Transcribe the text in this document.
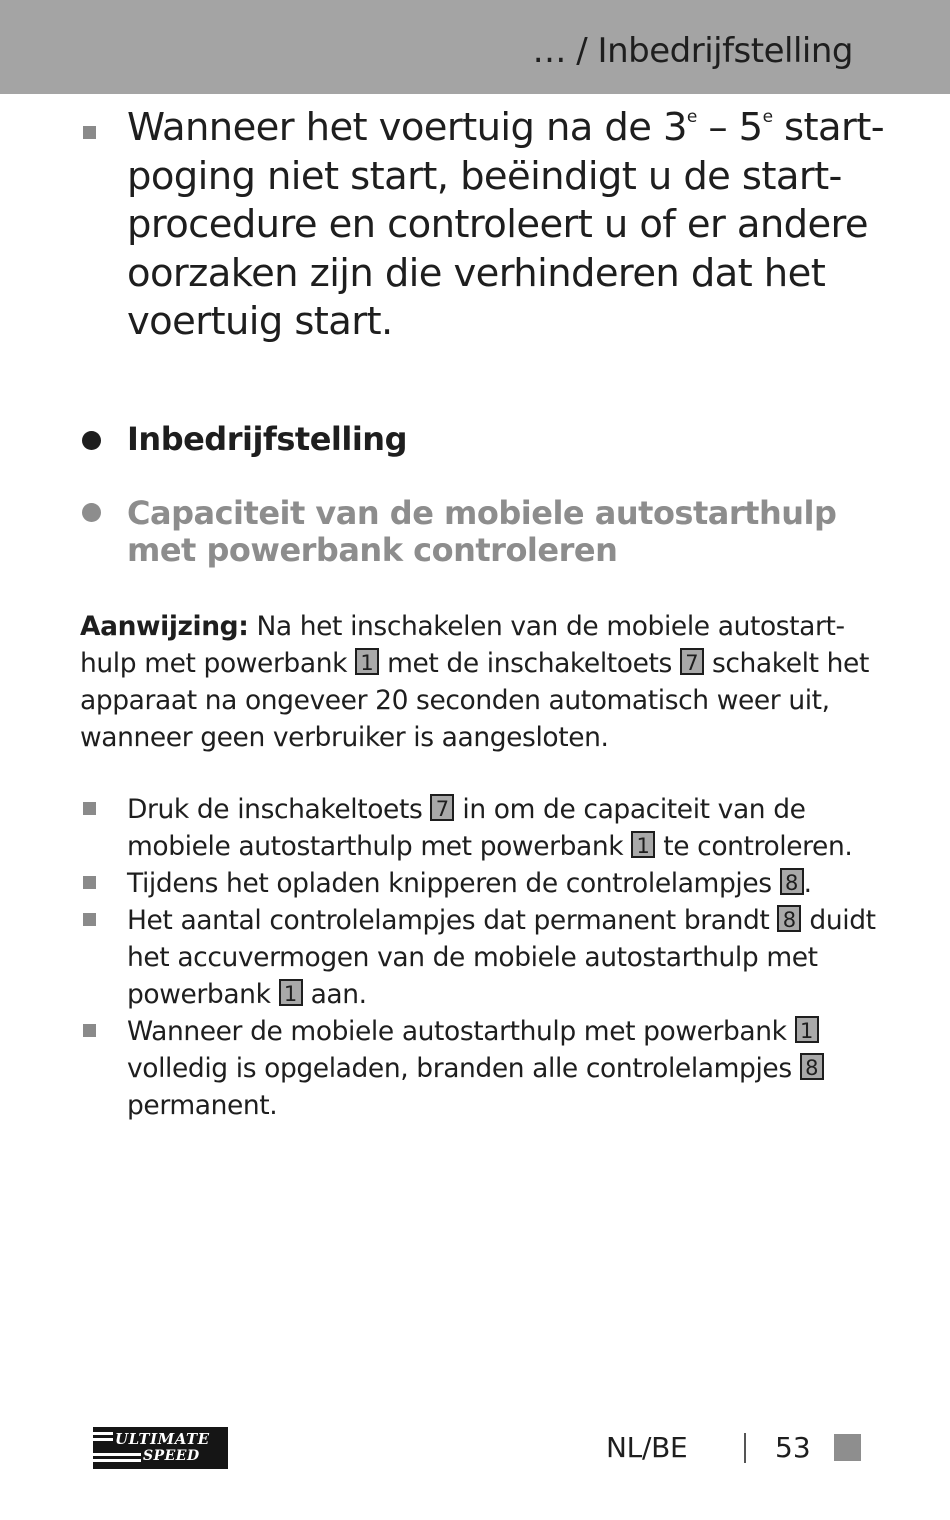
… / Inbedrijfstelling
Wanneer het voertuig na de 3e – 5e start-poging niet start, beëindigt u de start-procedure en controleert u of er andere oorzaken zijn die verhinderen dat het voertuig start.
Inbedrijfstelling
Capaciteit van de mobiele autostarthulp met powerbank controleren
Aanwijzing: Na het inschakelen van de mobiele autostart-hulp met powerbank 1 met de inschakeltoets 7 schakelt het apparaat na ongeveer 20 seconden automatisch weer uit, wanneer geen verbruiker is aangesloten.
Druk de inschakeltoets 7 in om de capaciteit van de mobiele autostarthulp met powerbank 1 te controleren.
Tijdens het opladen knipperen de controlelampjes 8 .
Het aantal controlelampjes dat permanent brandt 8 duidt het accuvermogen van de mobiele autostarthulp met powerbank 1 aan.
Wanneer de mobiele autostarthulp met powerbank 1 volledig is opgeladen, branden alle controlelampjes 8 permanent.
ULTIMATE
SPEED	NL/BE	53
